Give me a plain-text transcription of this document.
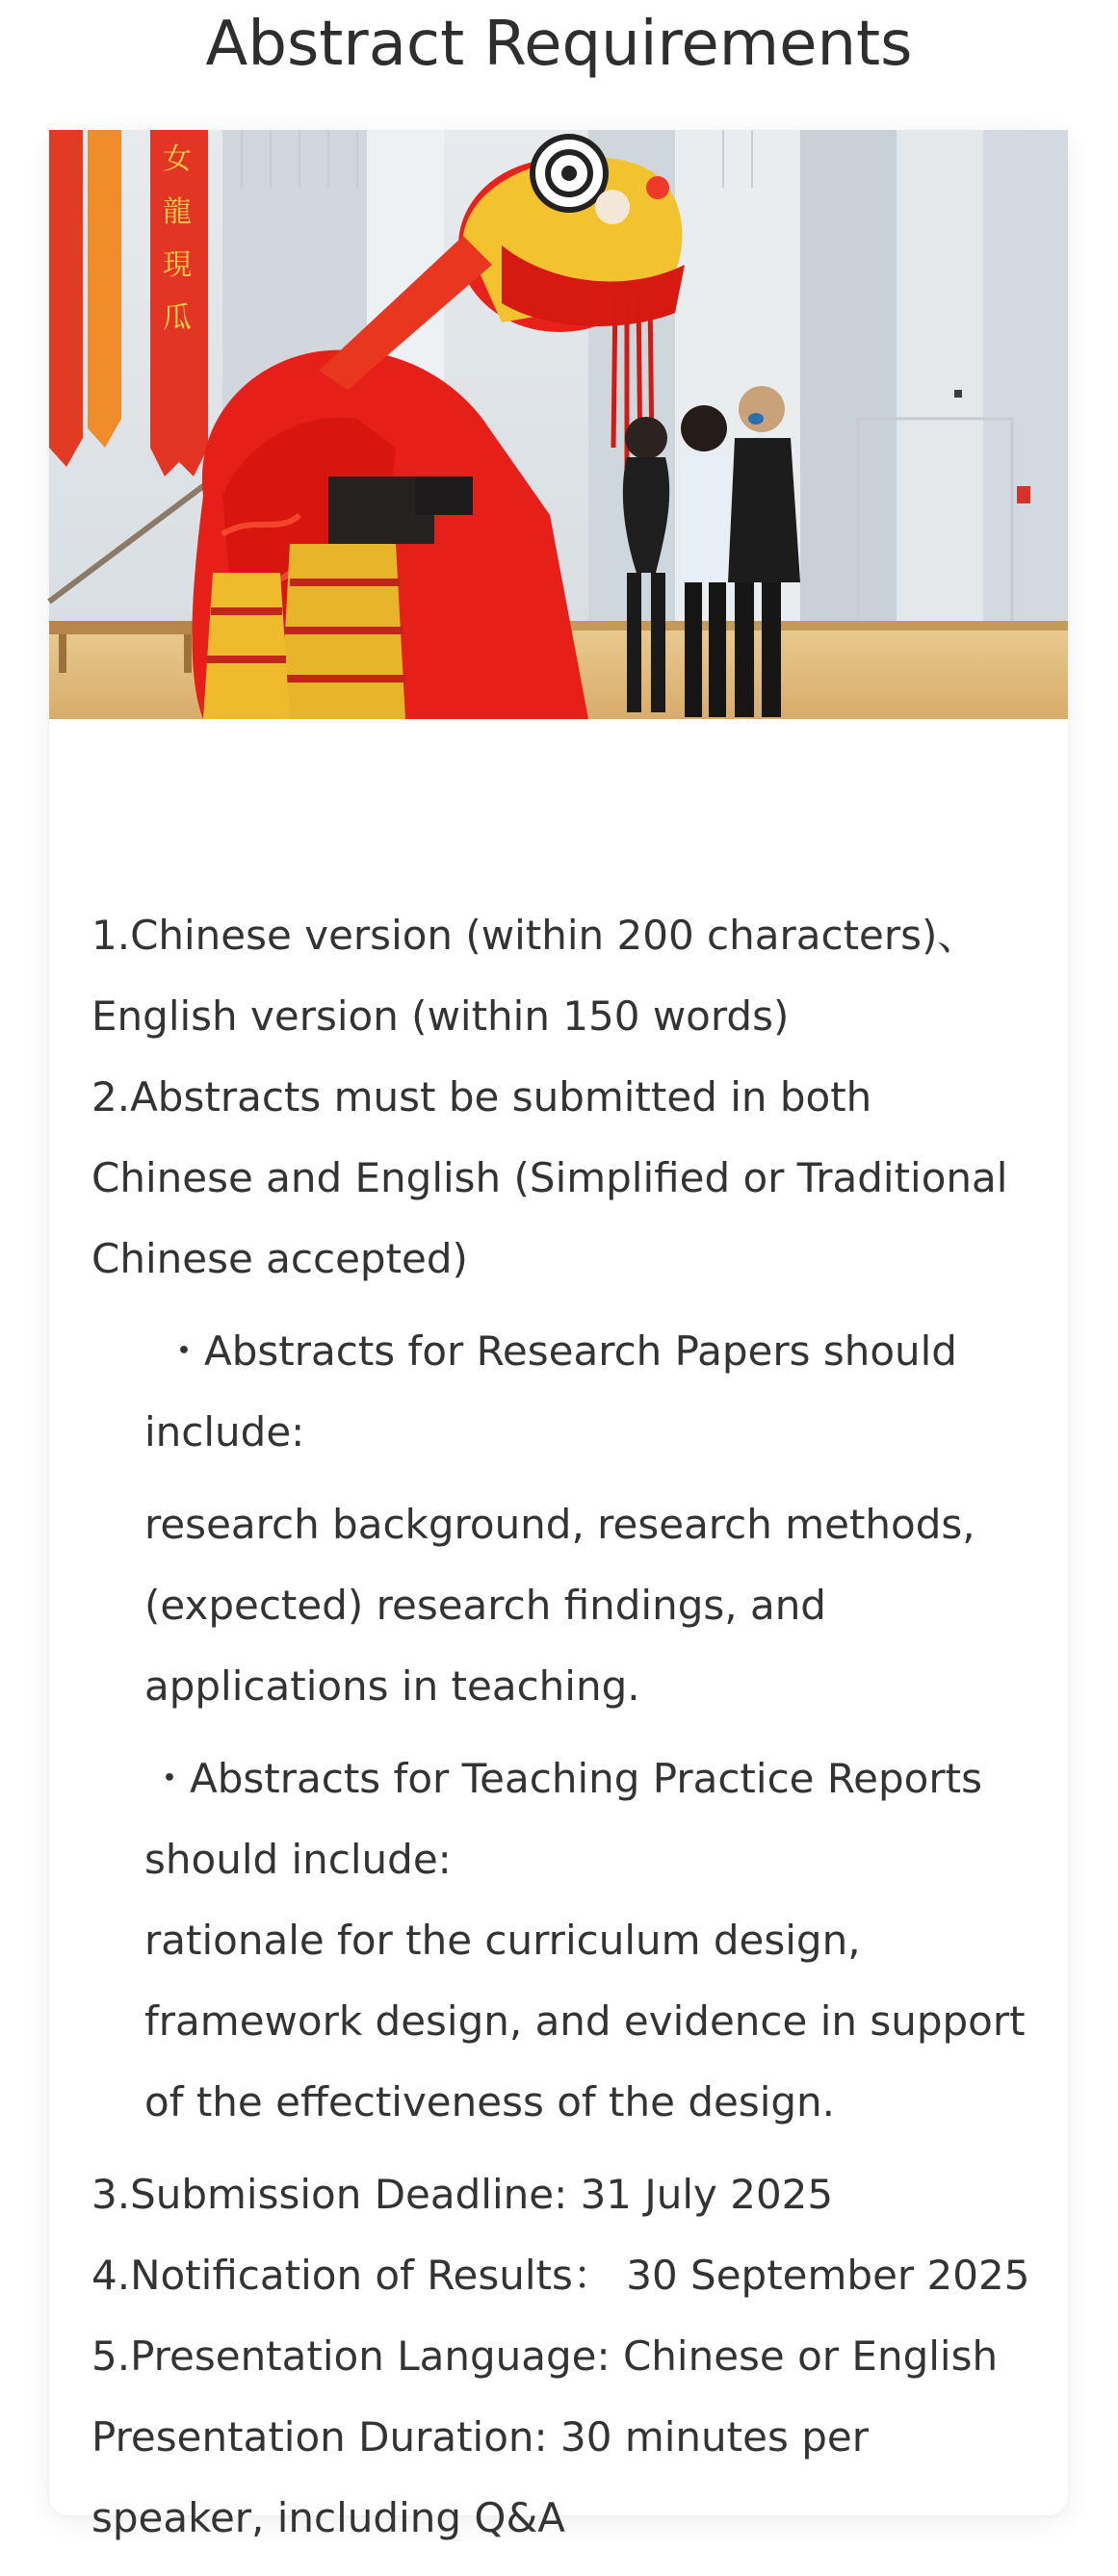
Abstract Requirements
女
龍
現
瓜
1.Chinese version (within 200 characters)、
English version (within 150 words)
2.Abstracts must be submitted in both
Chinese and English (Simplified or Traditional
Chinese accepted)
・Abstracts for Research Papers should
include:
research background, research methods,
(expected) research findings, and
applications in teaching.
・Abstracts for Teaching Practice Reports
should include:
rationale for the curriculum design,
framework design, and evidence in support
of the effectiveness of the design.
3.Submission Deadline: 31 July 2025
4.Notification of Results： 30 September 2025
5.Presentation Language: Chinese or English
Presentation Duration: 30 minutes per
speaker, including Q&A
